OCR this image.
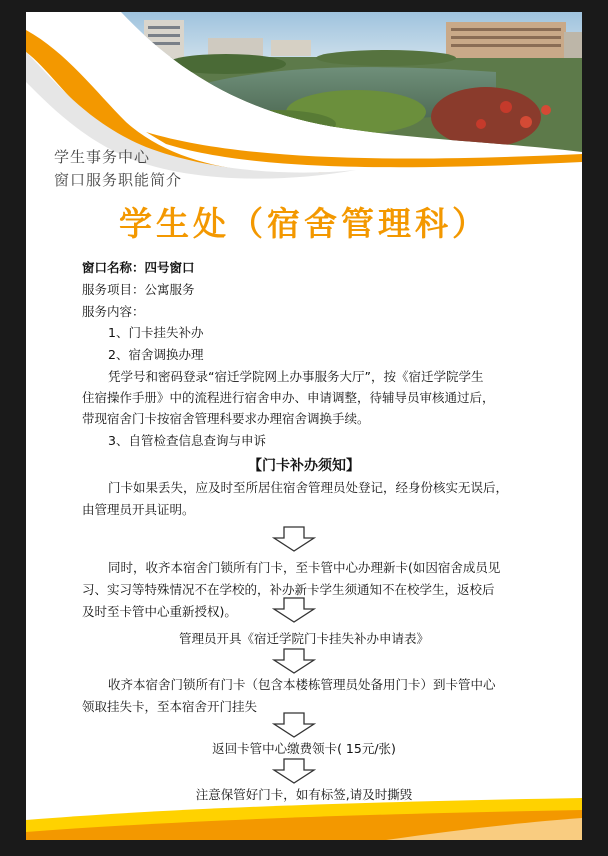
学生事务中心
窗口服务职能简介
学生处（宿舍管理科）
窗口名称：四号窗口
服务项目：公寓服务
服务内容：
1、门卡挂失补办
2、宿舍调换办理
凭学号和密码登录“宿迁学院网上办事服务大厅”，按《宿迁学院学生
住宿操作手册》中的流程进行宿舍申办、申请调整，待辅导员审核通过后，
带现宿舍门卡按宿舍管理科要求办理宿舍调换手续。
3、自管检查信息查询与申诉
【门卡补办须知】
门卡如果丢失，应及时至所居住宿舍管理员处登记，经身份核实无误后，
由管理员开具证明。
同时，收齐本宿舍门锁所有门卡，至卡管中心办理新卡(如因宿舍成员见
习、实习等特殊情况不在学校的，补办新卡学生须通知不在校学生，返校后
及时至卡管中心重新授权)。
管理员开具《宿迁学院门卡挂失补办申请表》
收齐本宿舍门锁所有门卡（包含本楼栋管理员处备用门卡）到卡管中心
领取挂失卡，至本宿舍开门挂失
返回卡管中心缴费领卡( 15元/张)
注意保管好门卡，如有标签,请及时撕毁
